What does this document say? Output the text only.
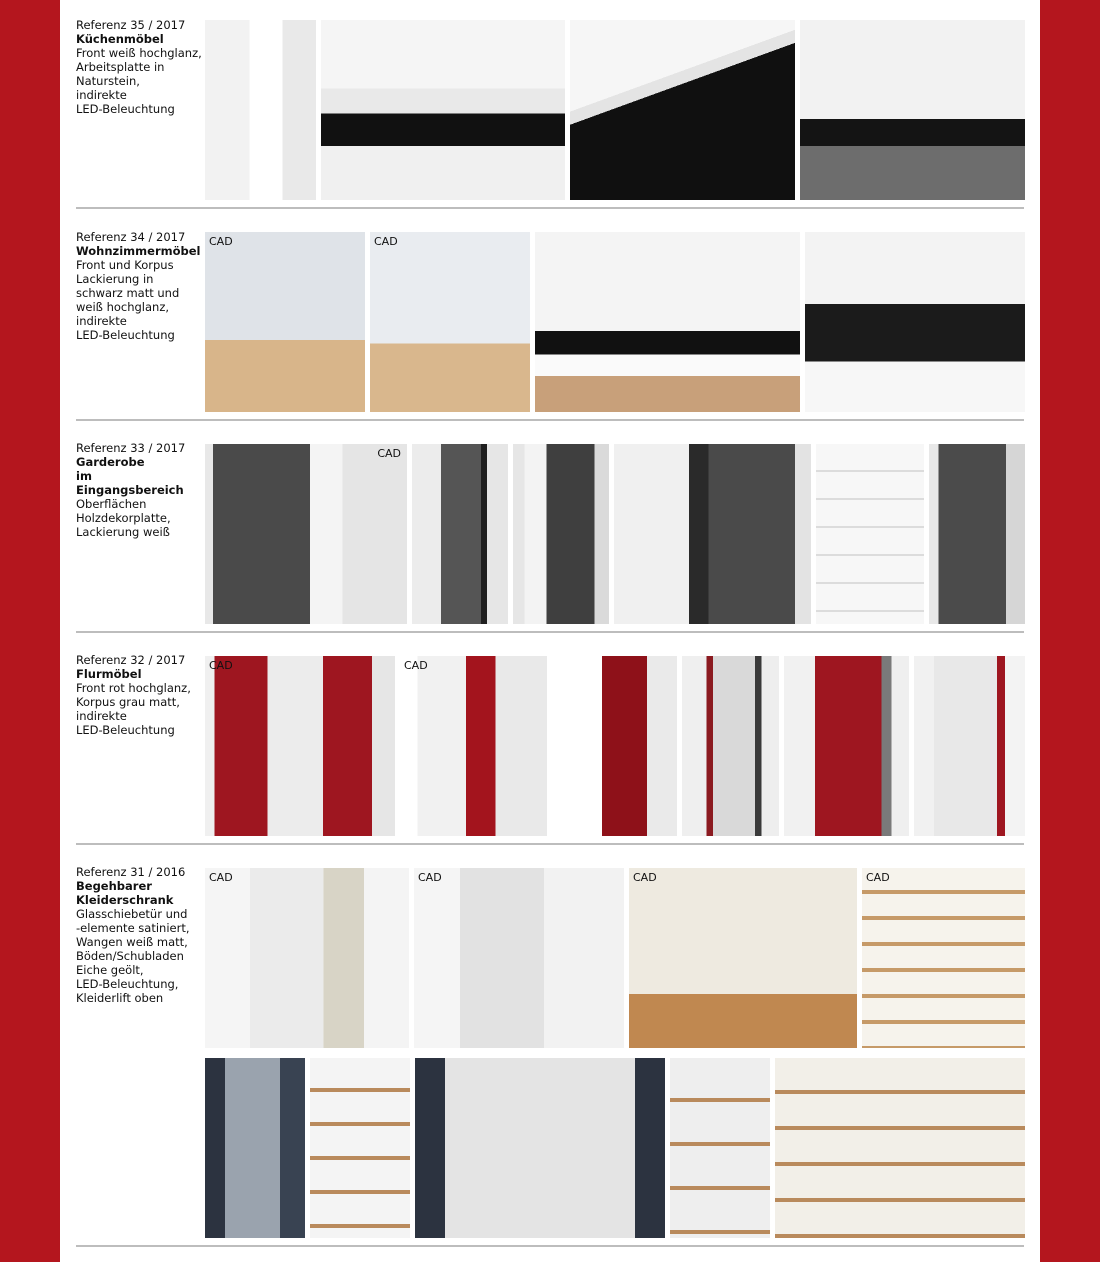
Referenz 35 / 2017
Küchenmöbel
Front weiß hochglanz,
Arbeitsplatte in
Naturstein,
indirekte
LED-Beleuchtung
Referenz 34 / 2017
Wohnzimmermöbel
Front und Korpus
Lackierung in
schwarz matt und
weiß hochglanz,
indirekte
LED-Beleuchtung
CAD	CAD
Referenz 33 / 2017
Garderobe
im Eingangsbereich
Oberflächen
Holzdekorplatte,
Lackierung weiß
CAD
Referenz 32 / 2017
Flurmöbel
Front rot hochglanz,
Korpus grau matt,
indirekte
LED-Beleuchtung
CAD	CAD
Referenz 31 / 2016
Begehbarer
Kleiderschrank
Glasschiebetür und
-elemente satiniert,
Wangen weiß matt,
Böden/Schubladen
Eiche geölt,
LED-Beleuchtung,
Kleiderlift oben
CAD	CAD	CAD	CAD
